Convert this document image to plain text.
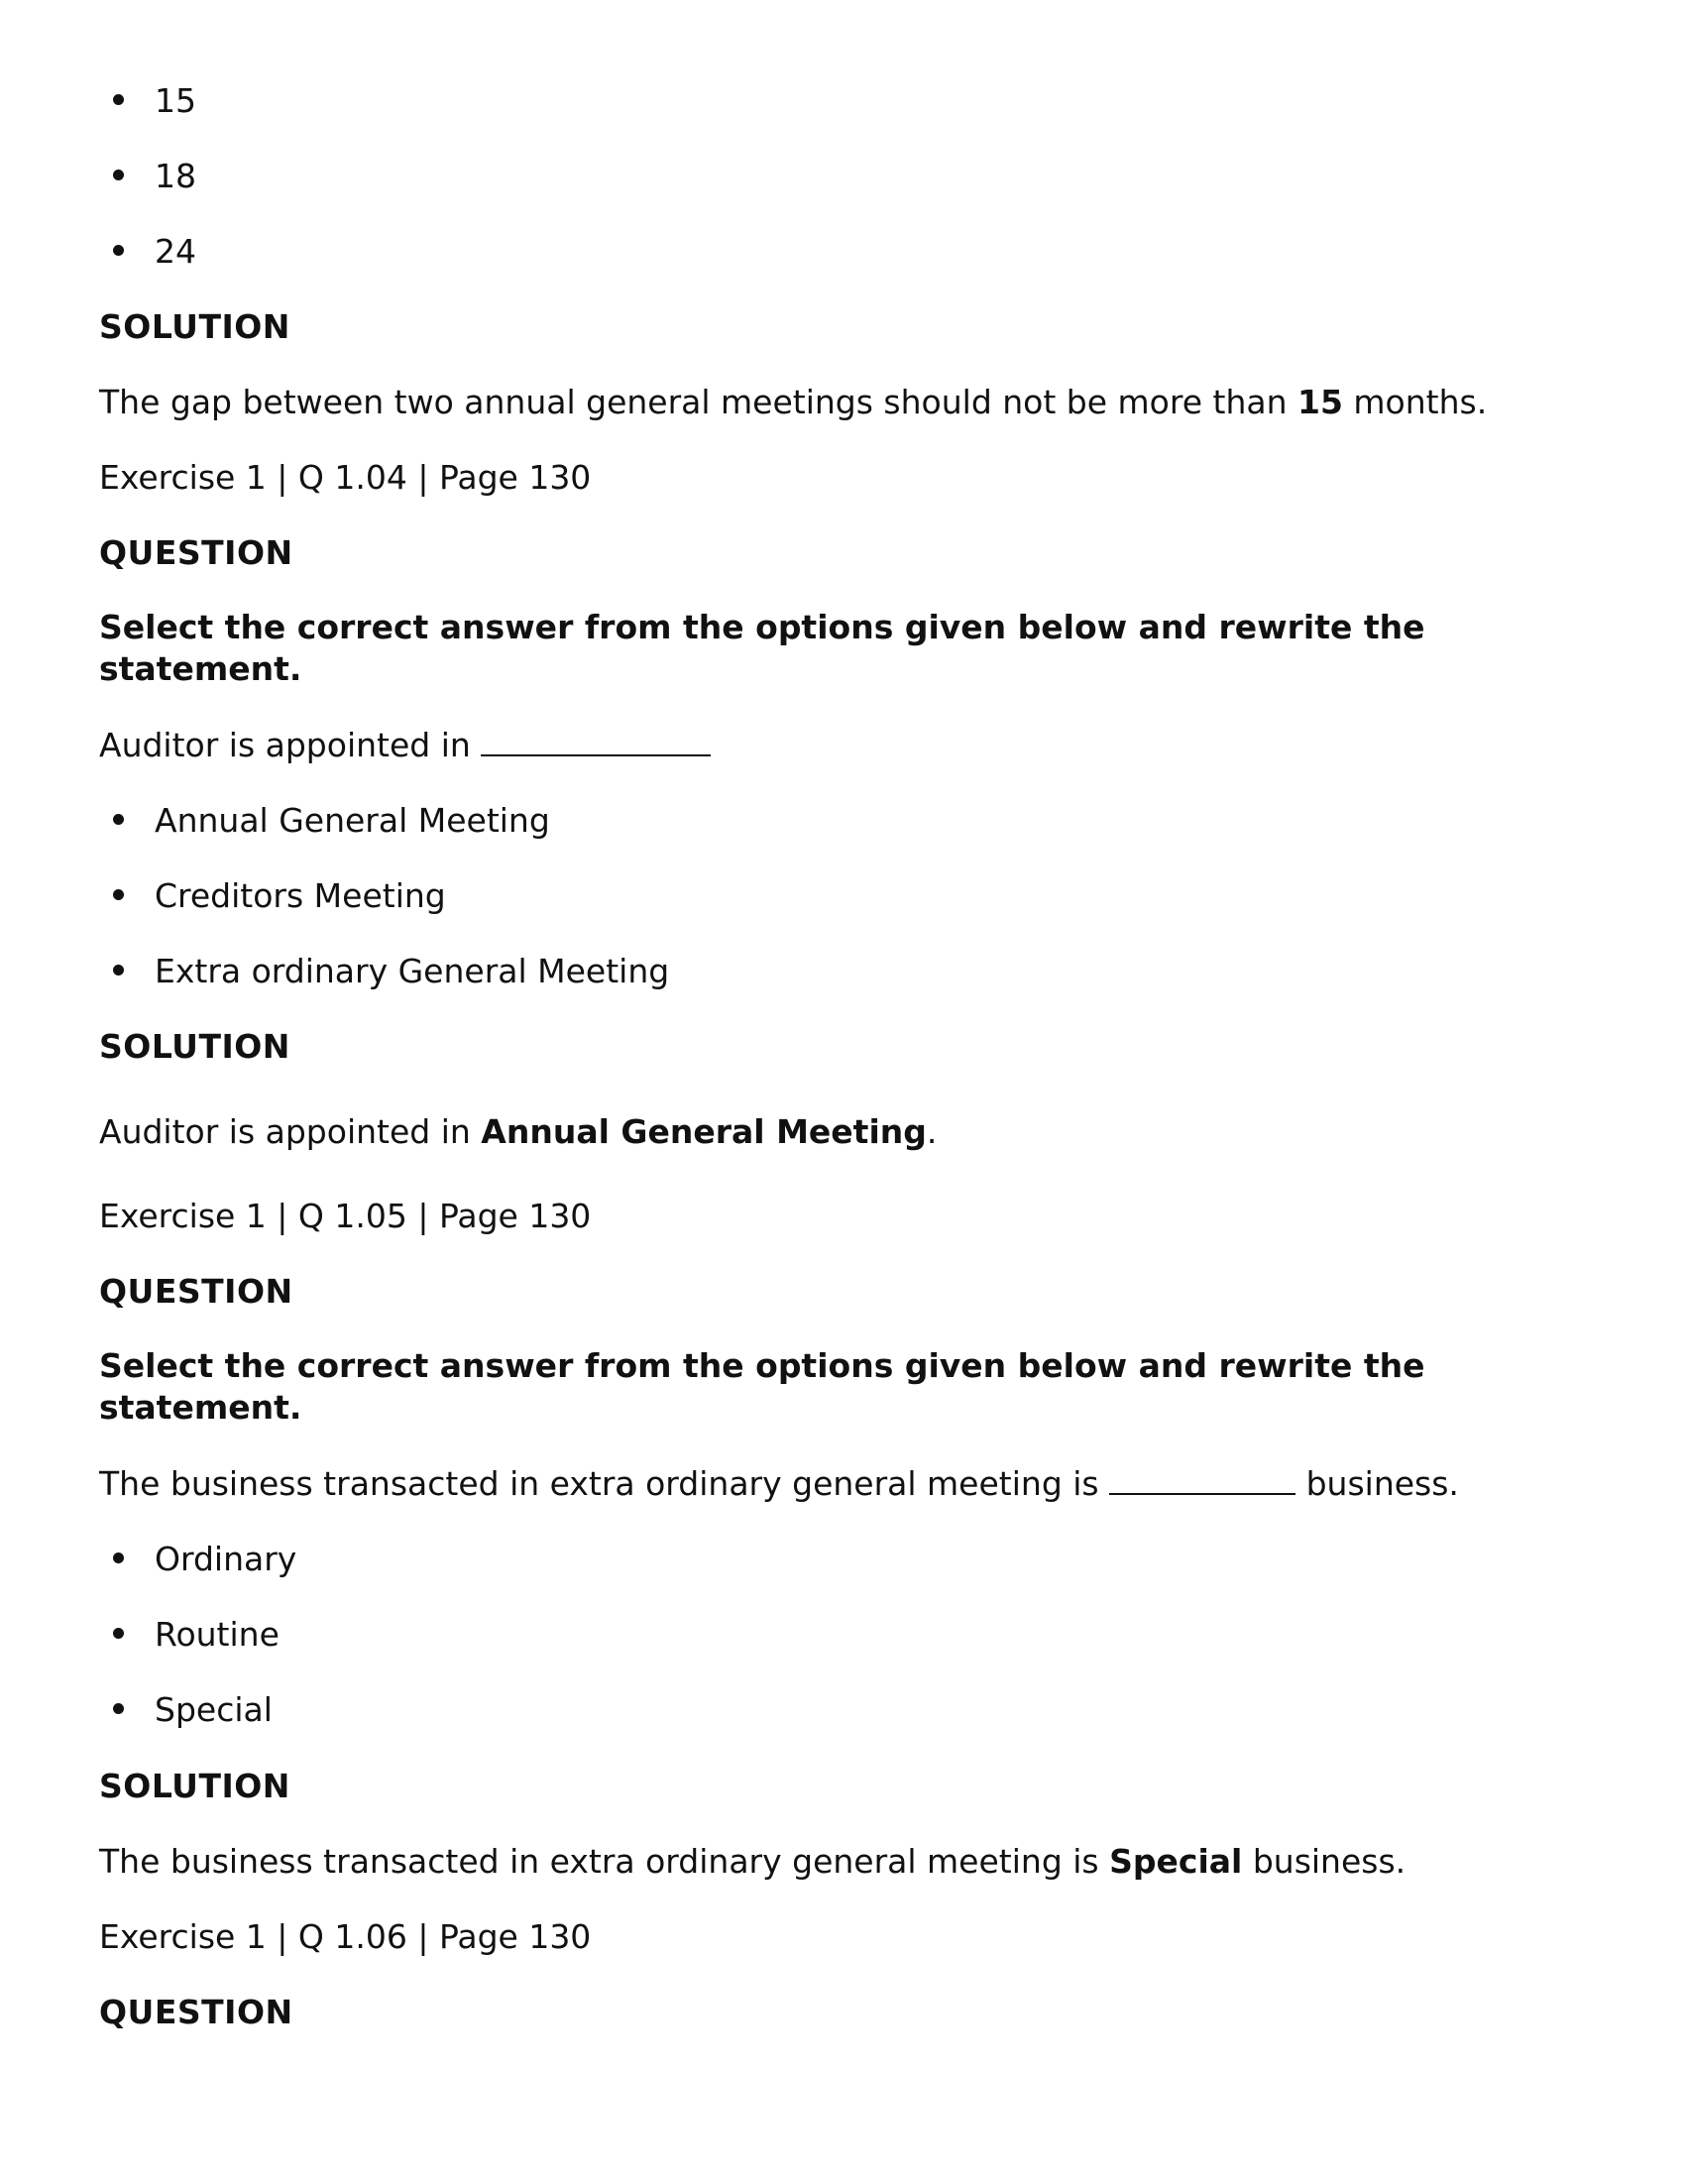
15
18
24
SOLUTION
The gap between two annual general meetings should not be more than 15 months.
Exercise 1 | Q 1.04 | Page 130
QUESTION
Select the correct answer from the options given below and rewrite the statement.
Auditor is appointed in
Annual General Meeting
Creditors Meeting
Extra ordinary General Meeting
SOLUTION
Auditor is appointed in Annual General Meeting.
Exercise 1 | Q 1.05 | Page 130
QUESTION
Select the correct answer from the options given below and rewrite the statement.
The business transacted in extra ordinary general meeting is	business.
Ordinary
Routine
Special
SOLUTION
The business transacted in extra ordinary general meeting is Special business.
Exercise 1 | Q 1.06 | Page 130
QUESTION
